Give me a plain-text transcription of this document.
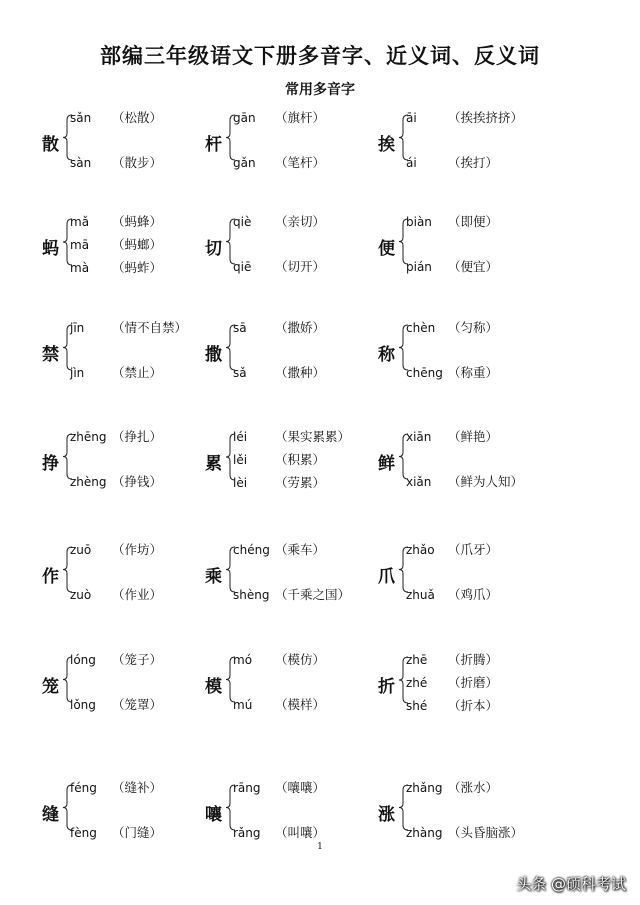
部编三年级语文下册多音字、近义词、反义词
常用多音字
散
sǎn （松散）
sàn （散步）
杆
gān （旗杆）
gǎn （笔杆）
挨
āi	（挨挨挤挤）
ái	（挨打）
蚂
mǎ （蚂蜂）
mā （蚂螂）
mà （蚂蚱）
切
qiè （亲切）
qiē （切开）
便
biàn （即便）
pián （便宜）
禁
jīn （情不自禁）
jìn （禁止）
撒
sā （撒娇）
sǎ （撒种）
称
chèn （匀称）
chēng （称重）
挣
zhēng （挣扎）
zhèng （挣钱）
累
léi （果实累累）
lěi （积累）
lèi （劳累）
鲜
xiān （鲜艳）
xiǎn （鲜为人知）
作
zuō （作坊）
zuò （作业）
乘
chéng （乘车）
shèng （千乘之国）
爪
zhǎo （爪牙）
zhuǎ （鸡爪）
笼
lóng （笼子）
lǒng （笼罩）
模
mó （模仿）
mú （模样）
折
zhē （折腾）
zhé （折磨）
shé （折本）
缝
féng （缝补）
fèng （门缝）
嚷
rāng （嚷嚷）
rǎng （叫嚷）
涨
zhǎng （涨水）
zhàng （头昏脑涨）
1
头条 @硕科考试
